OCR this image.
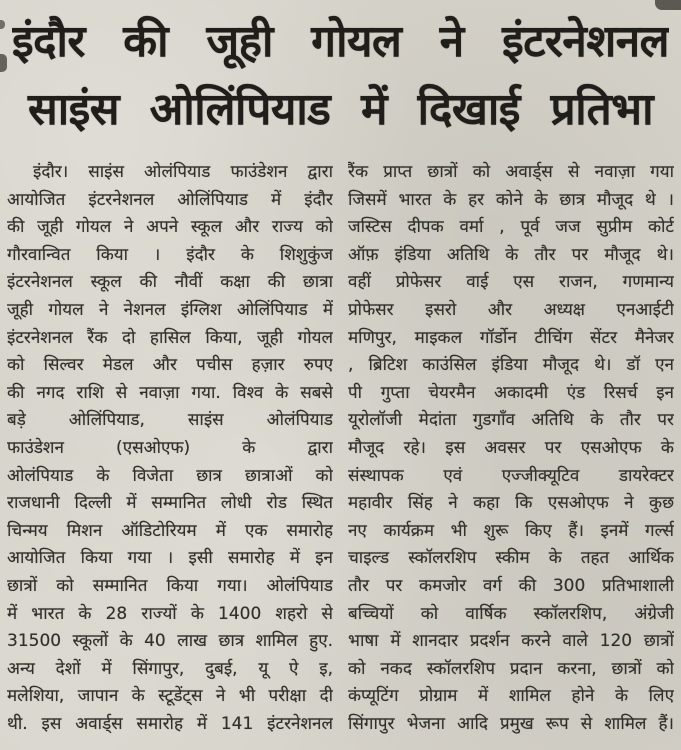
इंदौर की जूही गोयल ने इंटरनेशनल
साइंस ओलिंपियाड में दिखाई प्रतिभा
इंदौर। साइंस ओलंपियाड फाउंडेशन द्वारा
आयोजित इंटरनेशनल ओलिंपियाड में इंदौर
की जूही गोयल ने अपने स्कूल और राज्य को
गौरवान्वित किया । इंदौर के शिशुकुंज
इंटरनेशनल स्कूल की नौवीं कक्षा की छात्रा
जूही गोयल ने नेशनल इंग्लिश ओलिंपियाड में
इंटरनेशनल रैंक दो हासिल किया, जूही गोयल
को सिल्वर मेडल और पचीस हज़ार रुपए
की नगद राशि से नवाज़ा गया. विश्व के सबसे
बड़े ओलिंपियाड, साइंस ओलंपियाड
फाउंडेशन (एसओएफ) के द्वारा
ओलंपियाड के विजेता छात्र छात्राओं को
राजधानी दिल्ली में सम्मानित लोधी रोड स्थित
चिन्मय मिशन ऑडिटोरियम में एक समारोह
आयोजित किया गया । इसी समारोह में इन
छात्रों को सम्मानित किया गया। ओलंपियाड
में भारत के 28 राज्यों के 1400 शहरो से
31500 स्कूलों के 40 लाख छात्र शामिल हुए.
अन्य देशों में सिंगापुर, दुबई, यू ऐ इ,
मलेशिया, जापान के स्टूडेंट्स ने भी परीक्षा दी
थी. इस अवार्ड्स समारोह में 141 इंटरनेशनल
रैंक प्राप्त छात्रों को अवार्ड्स से नवाज़ा गया
जिसमें भारत के हर कोने के छात्र मौजूद थे ।
जस्टिस दीपक वर्मा , पूर्व जज सुप्रीम कोर्ट
ऑफ़ इंडिया अतिथि के तौर पर मौजूद थे।
वहीं प्रोफेसर वाई एस राजन, गणमान्य
प्रोफेसर इसरो और अध्यक्ष एनआईटी
मणिपुर, माइकल गॉर्डोन टीचिंग सेंटर मैनेजर
, ब्रिटिश काउंसिल इंडिया मौजूद थे। डॉ एन
पी गुप्ता चेयरमैन अकादमी एंड रिसर्च इन
यूरोलॉजी मेदांता गुडगाँव अतिथि के तौर पर
मौजूद रहे। इस अवसर पर एसओएफ के
संस्थापक एवं एज्जीक्यूटिव डायरेक्टर
महावीर सिंह ने कहा कि एसओएफ ने कुछ
नए कार्यक्रम भी शुरू किए हैं। इनमें गर्ल्स
चाइल्ड स्कॉलरशिप स्कीम के तहत आर्थिक
तौर पर कमजोर वर्ग की 300 प्रतिभाशाली
बच्चियों को वार्षिक स्कॉलरशिप, अंग्रेजी
भाषा में शानदार प्रदर्शन करने वाले 120 छात्रों
को नकद स्कॉलरशिप प्रदान करना, छात्रों को
कंप्यूटिंग प्रोग्राम में शामिल होने के लिए
सिंगापुर भेजना आदि प्रमुख रूप से शामिल हैं।
